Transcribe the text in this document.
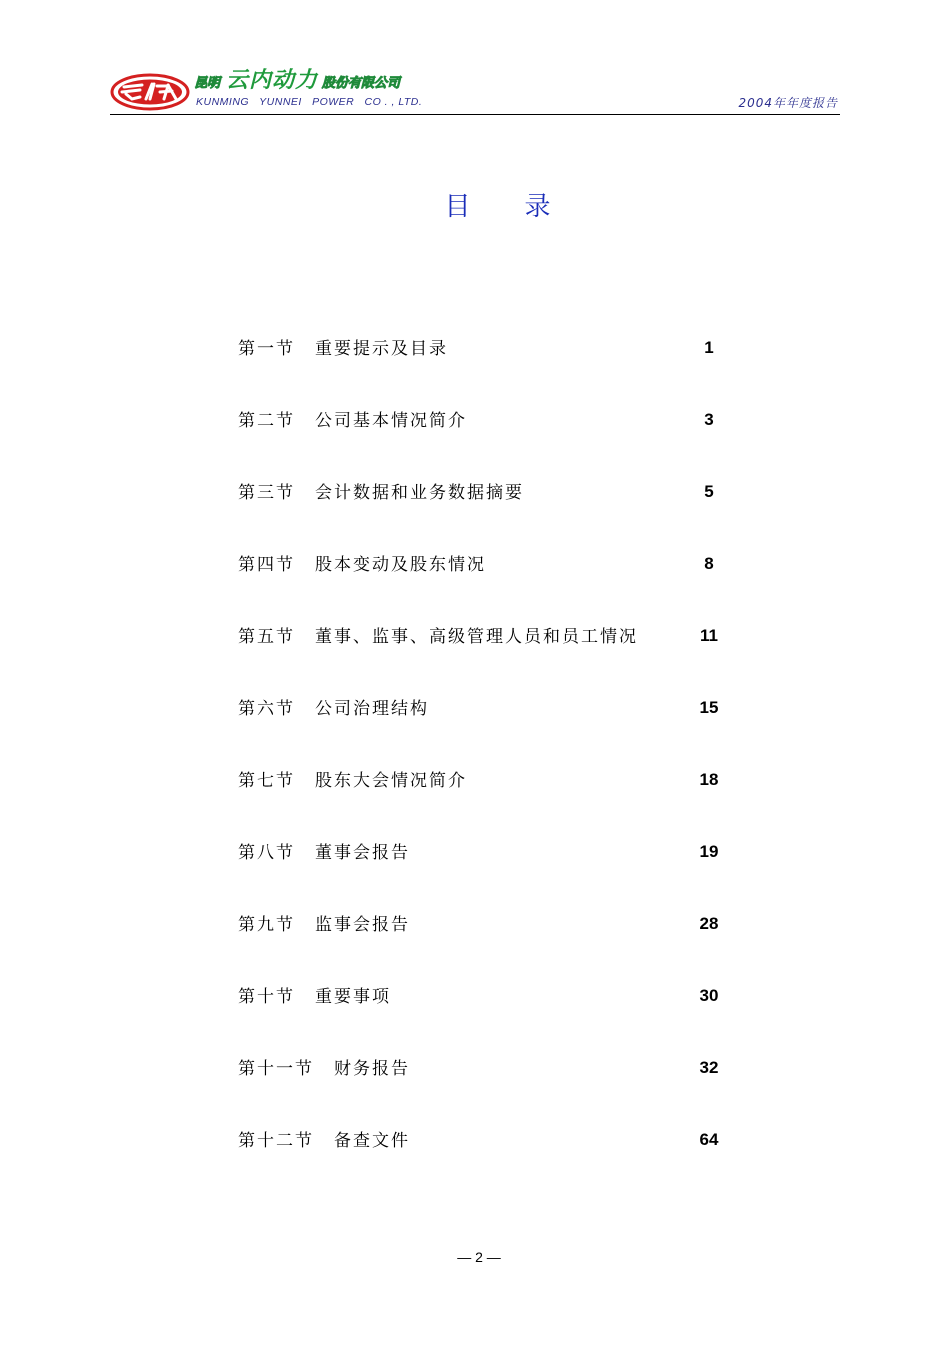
昆明 云内动力 股份有限公司
KUNMING   YUNNEI   POWER   CO . , LTD.	2004年年度报告
目 录
第一节 重要提示及目录	1
第二节 公司基本情况简介	3
第三节 会计数据和业务数据摘要	5
第四节 股本变动及股东情况	8
第五节 董事、监事、高级管理人员和员工情况	11
第六节 公司治理结构	15
第七节 股东大会情况简介	18
第八节 董事会报告	19
第九节 监事会报告	28
第十节 重要事项	30
第十一节 财务报告	32
第十二节 备查文件	64
— 2 —
